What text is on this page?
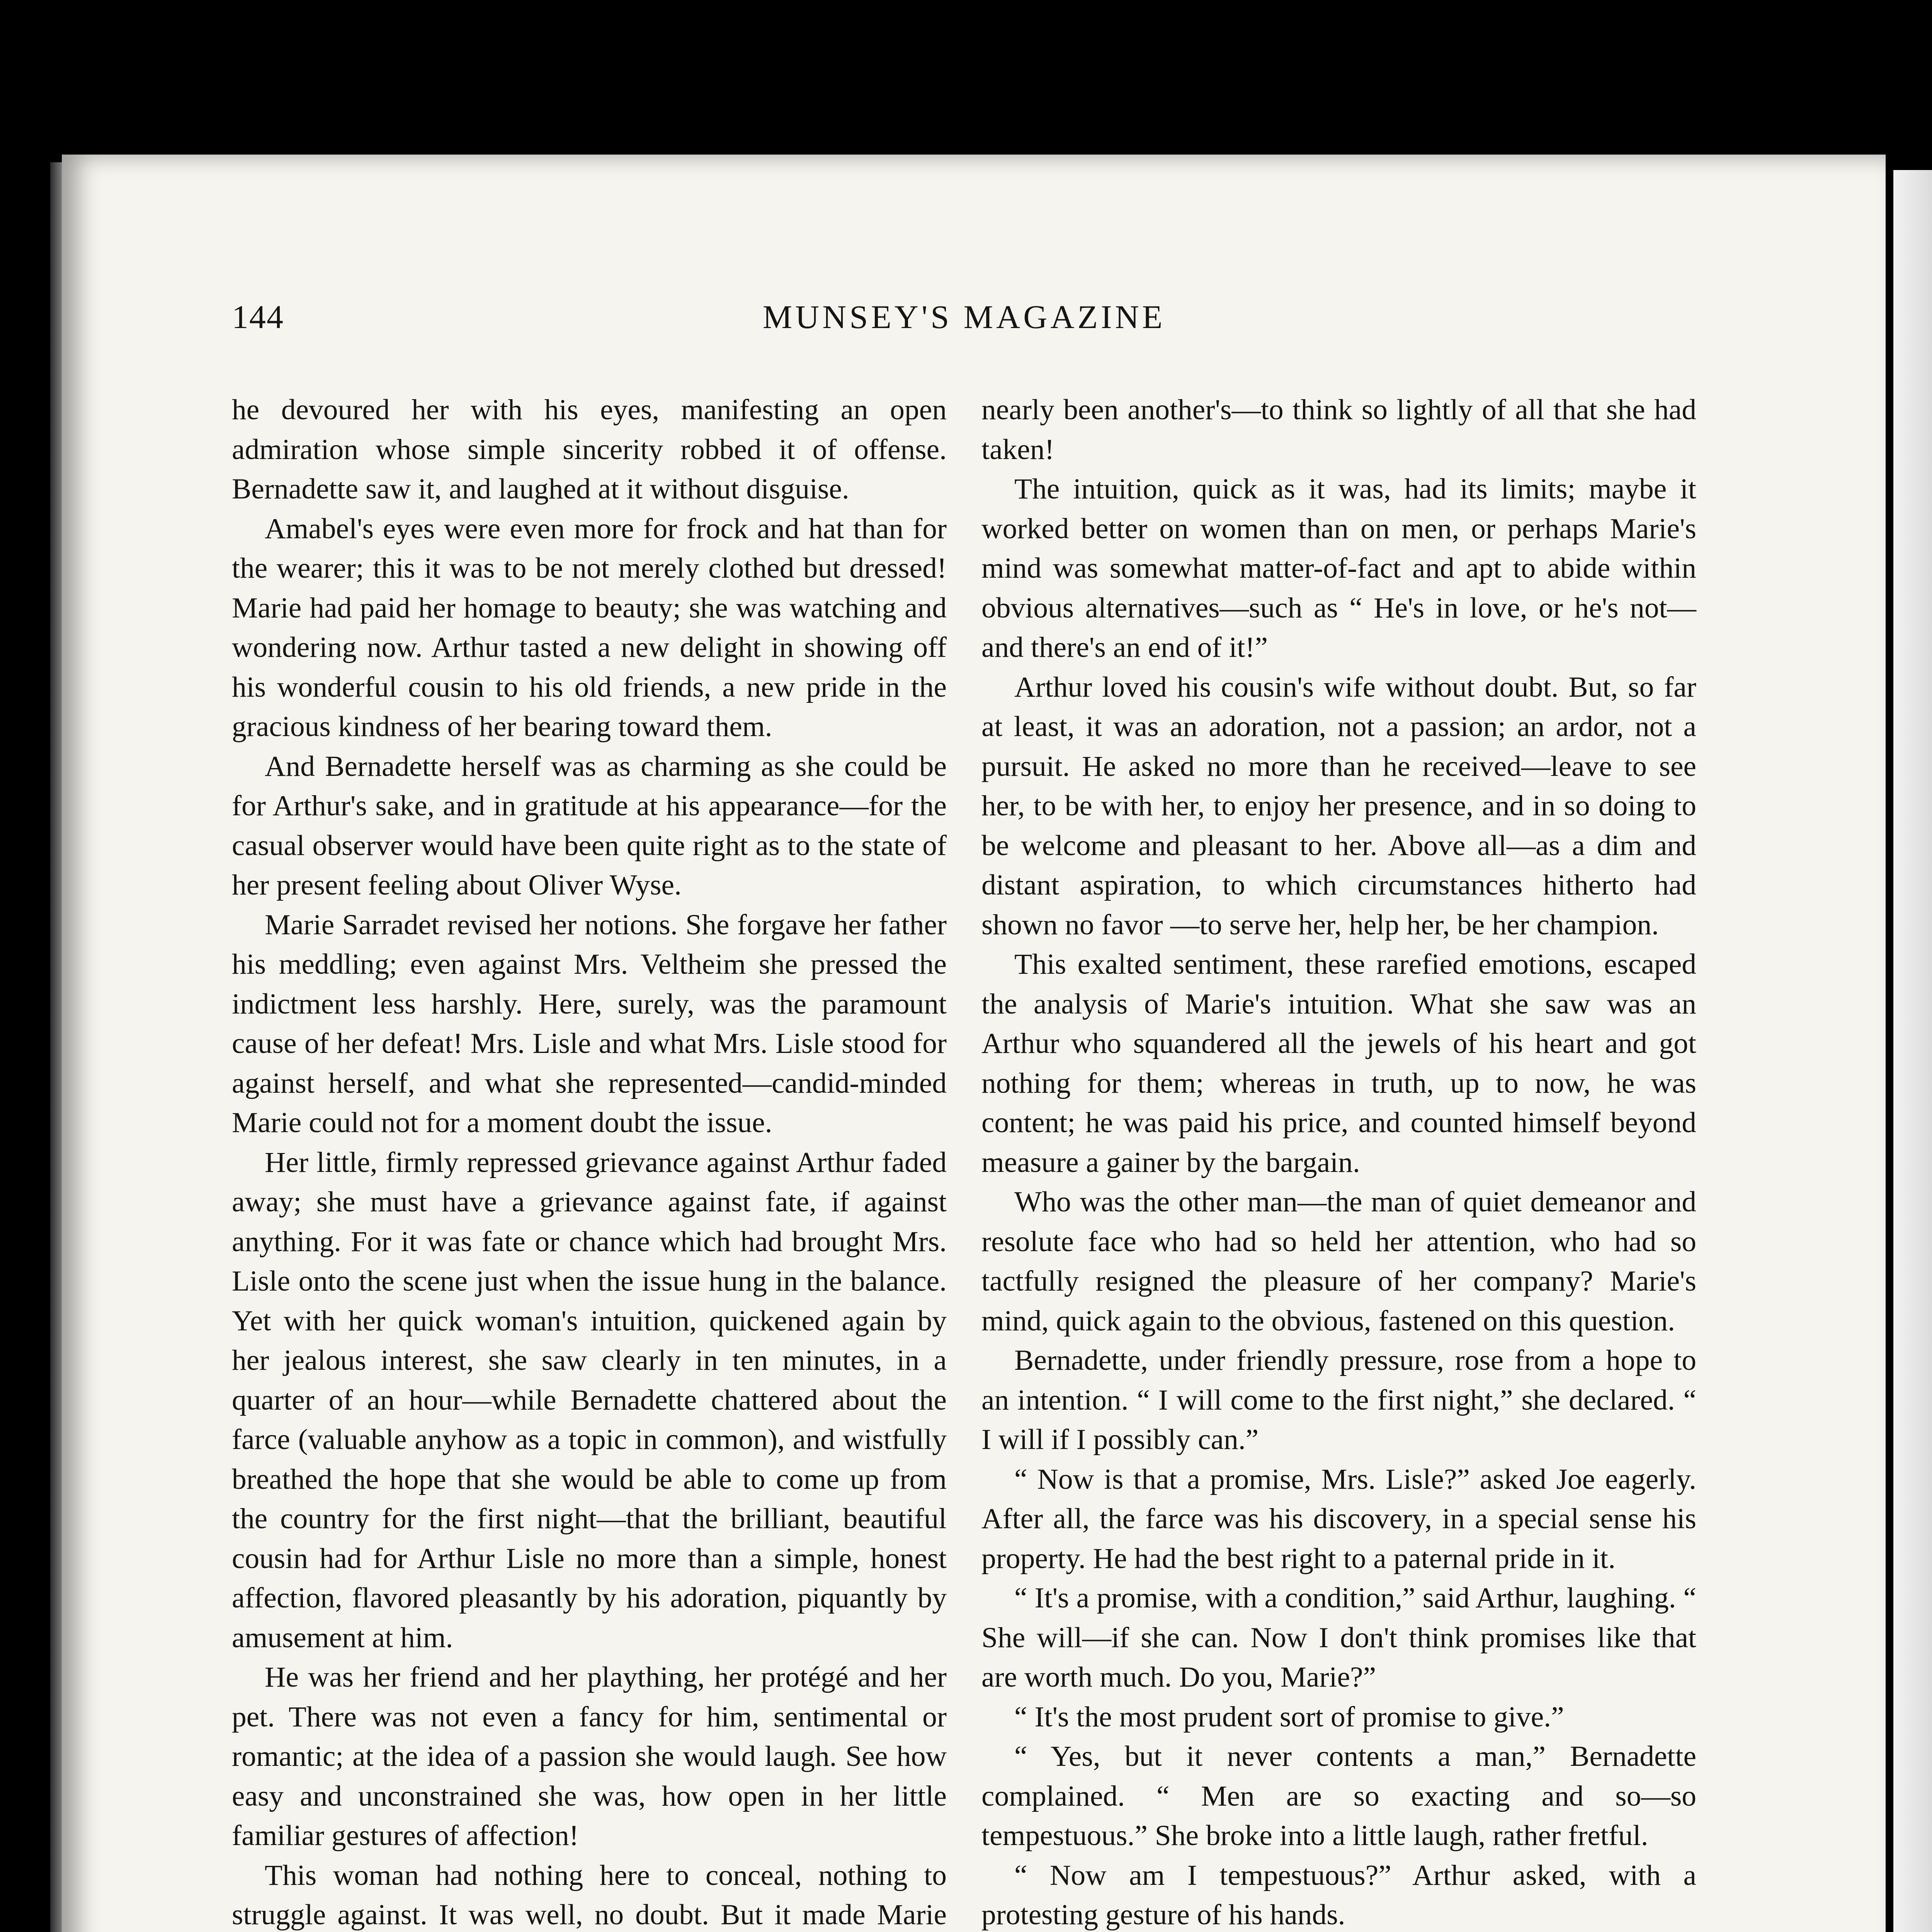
144	MUNSEY'S MAGAZINE

he devoured her with his eyes, manifesting an open admiration whose simple sincerity robbed it of offense. Bernadette saw it, and laughed at it without disguise.

Amabel's eyes were even more for frock and hat than for the wearer; this it was to be not merely clothed but dressed! Marie had paid her homage to beauty; she was watching and wondering now. Arthur tasted a new delight in showing off his wonderful cousin to his old friends, a new pride in the gracious kindness of her bearing toward them.

And Bernadette herself was as charming as she could be for Arthur's sake, and in gratitude at his appearance—for the casual observer would have been quite right as to the state of her present feeling about Oliver Wyse.

Marie Sarradet revised her notions. She forgave her father his meddling; even against Mrs. Veltheim she pressed the indictment less harshly. Here, surely, was the paramount cause of her defeat! Mrs. Lisle and what Mrs. Lisle stood for against herself, and what she represented—candid-minded Marie could not for a moment doubt the issue.

Her little, firmly repressed grievance against Arthur faded away; she must have a grievance against fate, if against anything. For it was fate or chance which had brought Mrs. Lisle onto the scene just when the issue hung in the balance. Yet with her quick woman's intuition, quickened again by her jealous interest, she saw clearly in ten minutes, in a quarter of an hour—while Bernadette chattered about the farce (valuable anyhow as a topic in common), and wistfully breathed the hope that she would be able to come up from the country for the first night—that the brilliant, beautiful cousin had for Arthur Lisle no more than a simple, honest affection, flavored pleasantly by his adoration, piquantly by amusement at him.

He was her friend and her plaything, her protégé and her pet. There was not even a fancy for him, sentimental or romantic; at the idea of a passion she would laugh. See how easy and unconstrained she was, how open in her little familiar gestures of affection!

This woman had nothing here to conceal, nothing to struggle against. It was well, no doubt. But it made Marie

nearly been another's—to think so lightly of all that she had taken!

The intuition, quick as it was, had its limits; maybe it worked better on women than on men, or perhaps Marie's mind was somewhat matter-of-fact and apt to abide within obvious alternatives—such as “ He's in love, or he's not—and there's an end of it!”

Arthur loved his cousin's wife without doubt. But, so far at least, it was an adoration, not a passion; an ardor, not a pursuit. He asked no more than he received—leave to see her, to be with her, to enjoy her presence, and in so doing to be welcome and pleasant to her. Above all—as a dim and distant aspiration, to which circumstances hitherto had shown no favor —to serve her, help her, be her champion.

This exalted sentiment, these rarefied emotions, escaped the analysis of Marie's intuition. What she saw was an Arthur who squandered all the jewels of his heart and got nothing for them; whereas in truth, up to now, he was content; he was paid his price, and counted himself beyond measure a gainer by the bargain.

Who was the other man—the man of quiet demeanor and resolute face who had so held her attention, who had so tactfully resigned the pleasure of her company? Marie's mind, quick again to the obvious, fastened on this question.

Bernadette, under friendly pressure, rose from a hope to an intention. “ I will come to the first night,” she declared. “ I will if I possibly can.”

“ Now is that a promise, Mrs. Lisle?” asked Joe eagerly. After all, the farce was his discovery, in a special sense his property. He had the best right to a paternal pride in it.

“ It's a promise, with a condition,” said Arthur, laughing. “ She will—if she can. Now I don't think promises like that are worth much. Do you, Marie?”

“ It's the most prudent sort of promise to give.”

“ Yes, but it never contents a man,” Bernadette complained. “ Men are so exacting and so—so tempestuous.” She broke into a little laugh, rather fretful.

“ Now am I tempestuous?” Arthur asked, with a protesting gesture of his hands.
